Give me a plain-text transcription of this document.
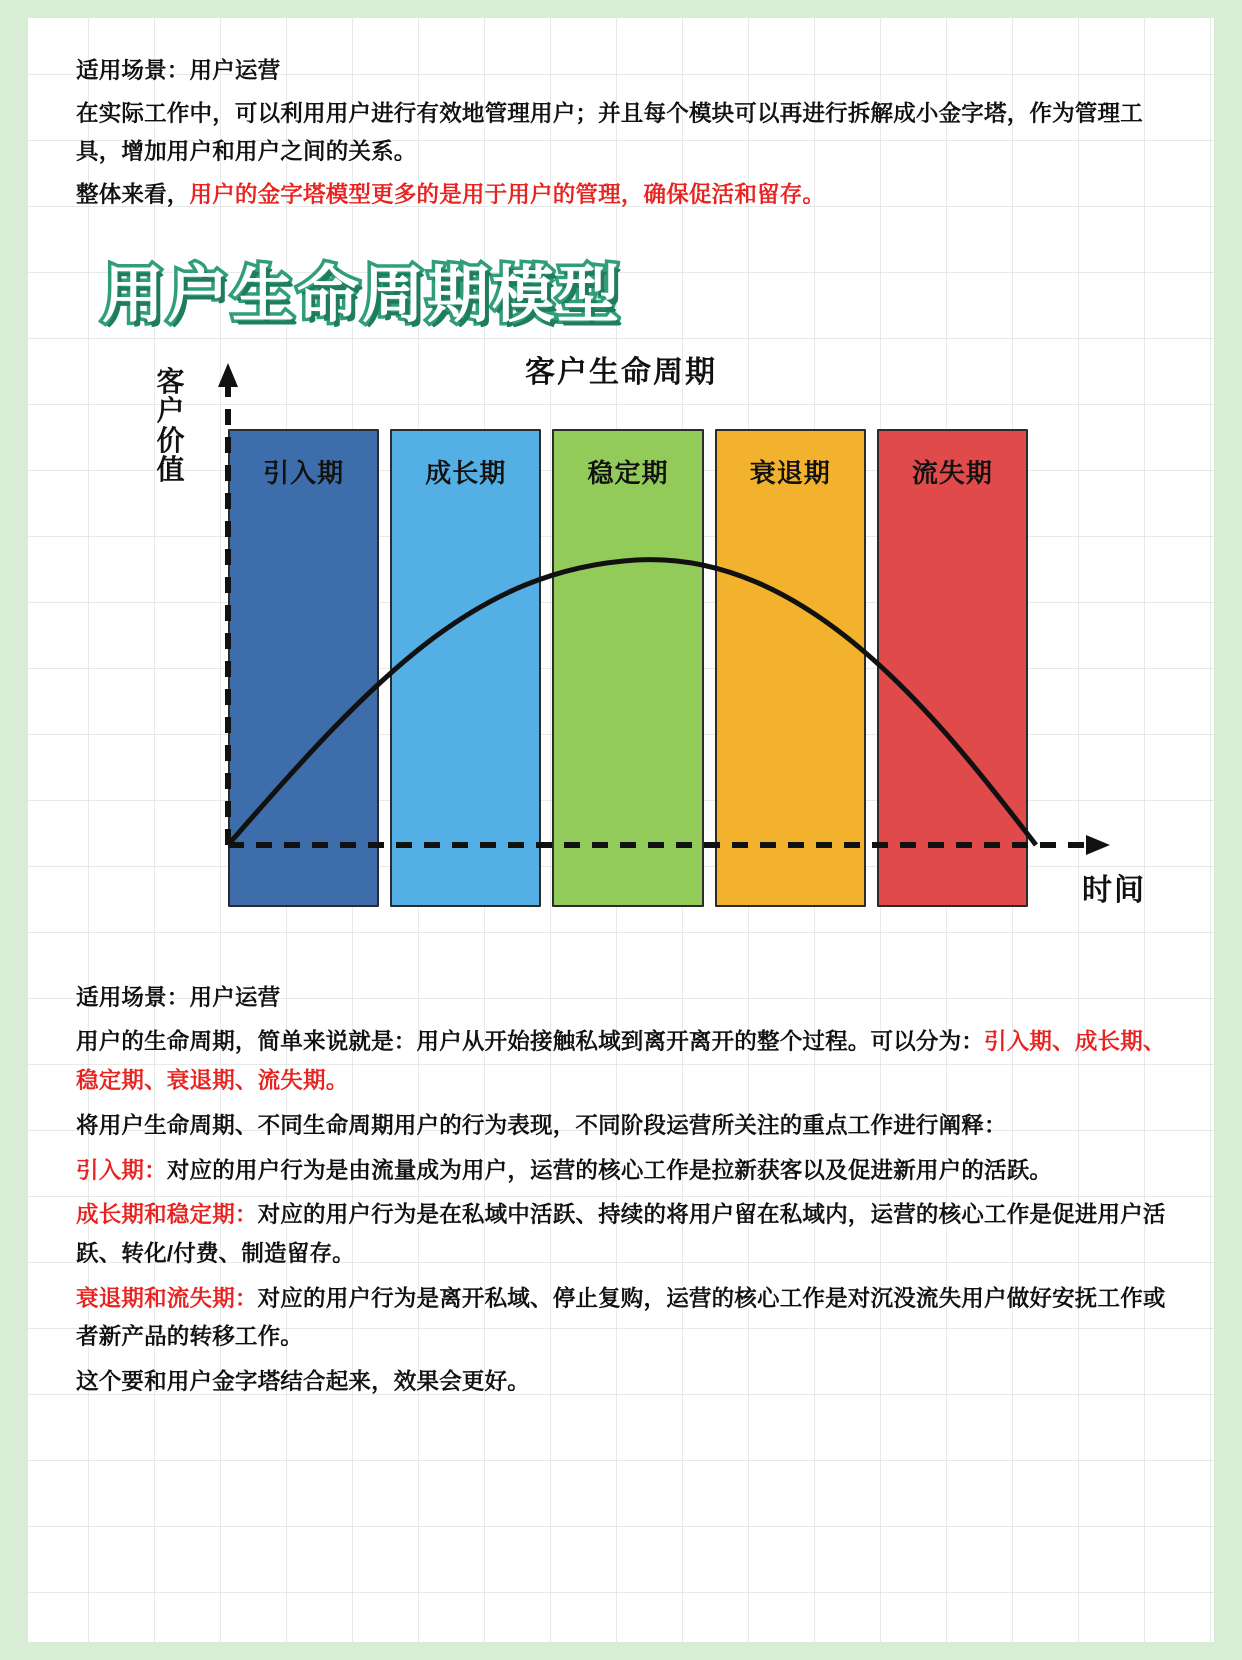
适用场景：用户运营

在实际工作中，可以利用用户进行有效地管理用户；并且每个模块可以再进行拆解成小金字塔，作为管理工具，增加用户和用户之间的关系。

整体来看，用户的金字塔模型更多的是用于用户的管理，确保促活和留存。

用户生命周期模型
客户生命周期
客户价值
时间
引入期	成长期	稳定期	衰退期	流失期

适用场景：用户运营

用户的生命周期，简单来说就是：用户从开始接触私域到离开离开的整个过程。可以分为：引入期、成长期、稳定期、衰退期、流失期。

将用户生命周期、不同生命周期用户的行为表现，不同阶段运营所关注的重点工作进行阐释：

引入期：对应的用户行为是由流量成为用户，运营的核心工作是拉新获客以及促进新用户的活跃。

成长期和稳定期：对应的用户行为是在私域中活跃、持续的将用户留在私域内，运营的核心工作是促进用户活跃、转化/付费、制造留存。

衰退期和流失期：对应的用户行为是离开私域、停止复购，运营的核心工作是对沉没流失用户做好安抚工作或者新产品的转移工作。

这个要和用户金字塔结合起来，效果会更好。
